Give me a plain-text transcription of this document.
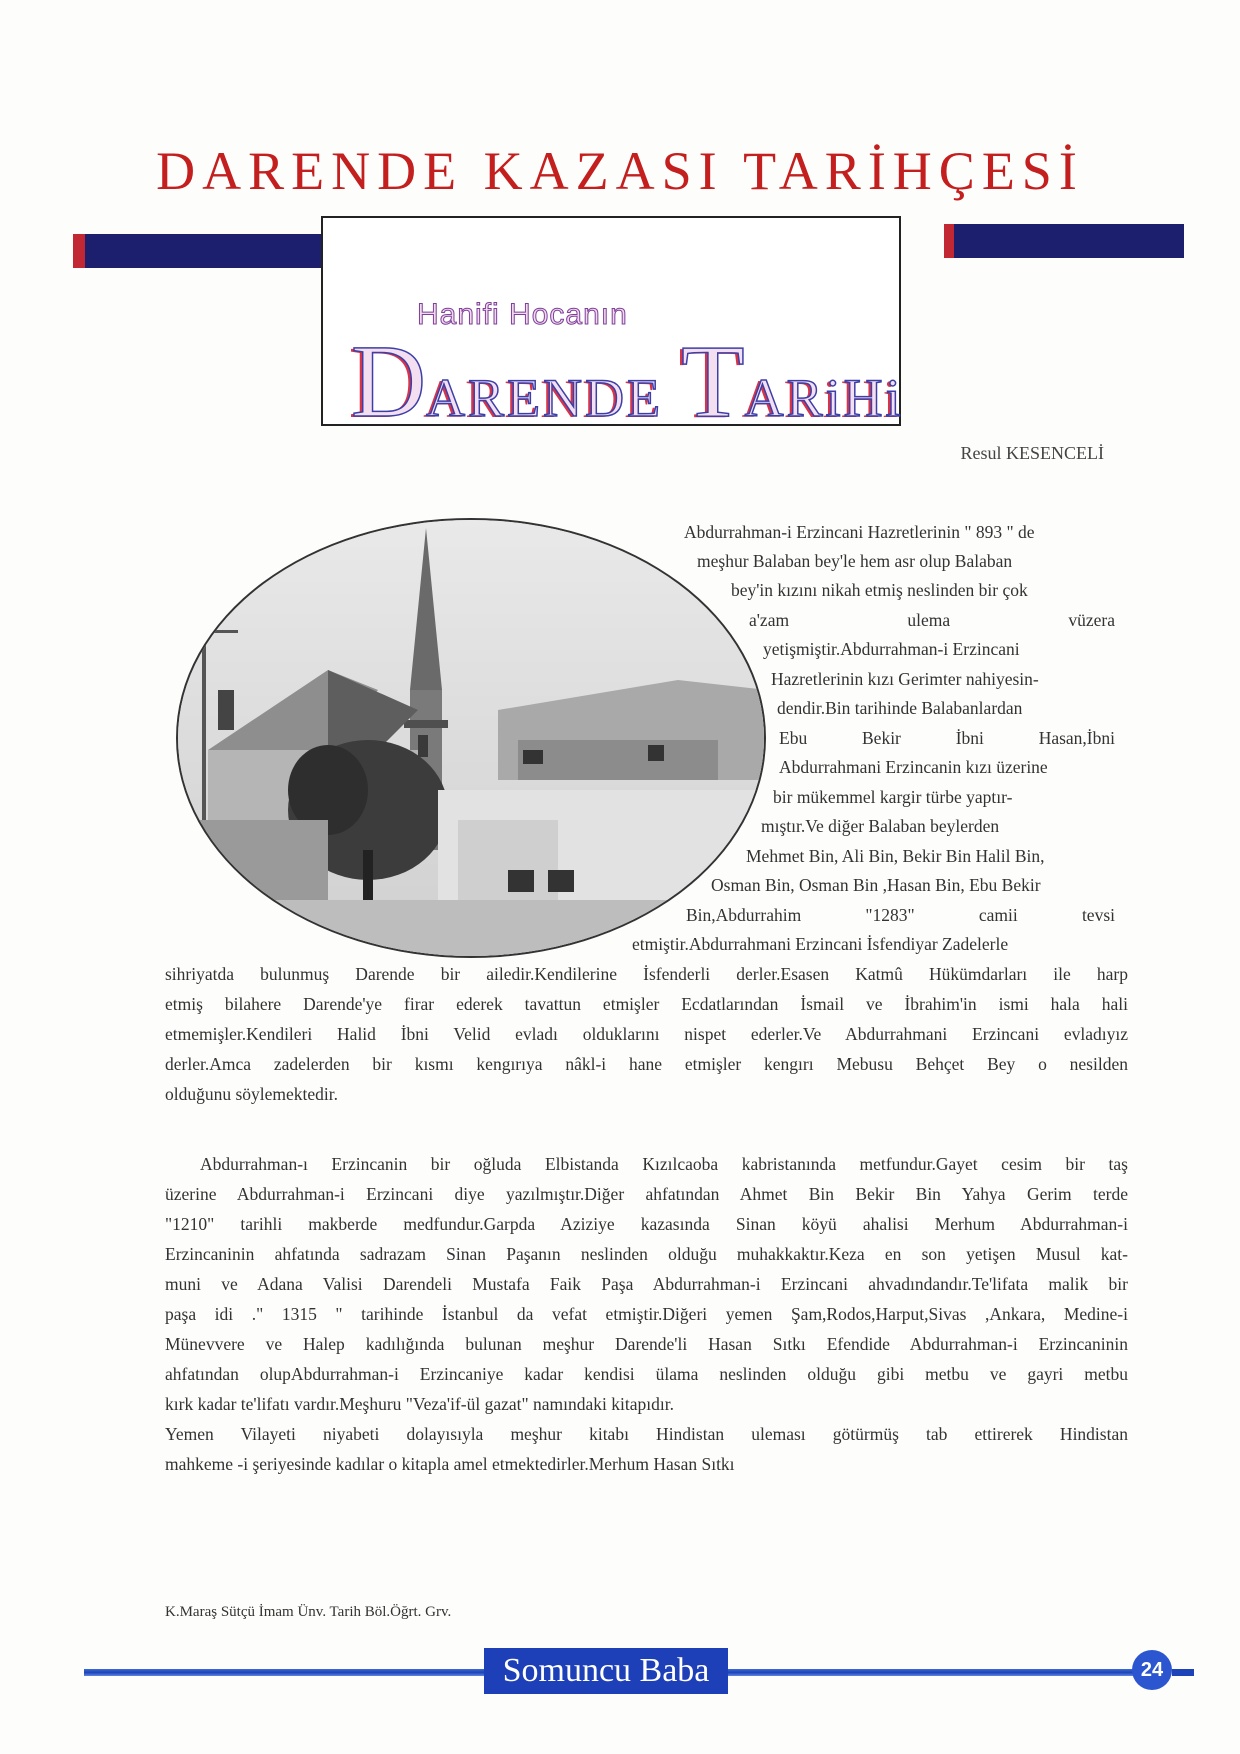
DARENDE KAZASI TARİHÇESİ
Hanifi Hocanın
DARENDE TARiHi
Resul KESENCELİ
Abdurrahman-i Erzincani Hazretlerinin " 893 " de
meşhur Balaban bey'le hem asr olup Balaban
bey'in kızını nikah etmiş neslinden bir çok
a'zam ulema vüzera
yetişmiştir.Abdurrahman-i Erzincani
Hazretlerinin kızı Gerimter nahiyesin-
dendir.Bin tarihinde Balabanlardan
Ebu Bekir İbni Hasan,İbni
Abdurrahmani Erzincanin kızı üzerine
bir mükemmel kargir türbe yaptır-
mıştır.Ve diğer Balaban beylerden
Mehmet Bin, Ali Bin, Bekir Bin Halil Bin,
Osman Bin, Osman Bin ,Hasan Bin, Ebu Bekir
Bin,Abdurrahim "1283" camii tevsi
etmiştir.Abdurrahmani Erzincani İsfendiyar Zadelerle
sihriyatda bulunmuş Darende bir ailedir.Kendilerine İsfenderli derler.Esasen Katmû Hükümdarları ile harp
etmiş bilahere Darende'ye firar ederek tavattun etmişler Ecdatlarından İsmail ve İbrahim'in ismi hala hali
etmemişler.Kendileri Halid İbni Velid evladı olduklarını nispet ederler.Ve Abdurrahmani Erzincani evladıyız
derler.Amca zadelerden bir kısmı kengırıya nâkl-i hane etmişler kengırı Mebusu Behçet Bey o nesilden
olduğunu söylemektedir.
Abdurrahman-ı Erzincanin bir oğluda Elbistanda Kızılcaoba kabristanında metfundur.Gayet cesim bir taş
üzerine Abdurrahman-i Erzincani diye yazılmıştır.Diğer ahfatından Ahmet Bin Bekir Bin Yahya Gerim terde
"1210" tarihli makberde medfundur.Garpda Aziziye kazasında Sinan köyü ahalisi Merhum Abdurrahman-i
Erzincaninin ahfatında sadrazam Sinan Paşanın neslinden olduğu muhakkaktır.Keza en son yetişen Musul kat-
muni ve Adana Valisi Darendeli Mustafa Faik Paşa Abdurrahman-i Erzincani ahvadındandır.Te'lifata malik bir
paşa idi ." 1315 " tarihinde İstanbul da vefat etmiştir.Diğeri yemen Şam,Rodos,Harput,Sivas ,Ankara, Medine-i
Münevvere ve Halep kadılığında bulunan meşhur Darende'li Hasan Sıtkı Efendide Abdurrahman-i Erzincaninin
ahfatından olupAbdurrahman-i Erzincaniye kadar kendisi ülama neslinden olduğu gibi metbu ve gayri metbu
kırk kadar te'lifatı vardır.Meşhuru "Veza'if-ül gazat" namındaki kitapıdır.
Yemen Vilayeti niyabeti dolayısıyla meşhur kitabı Hindistan uleması götürmüş tab ettirerek Hindistan
mahkeme -i şeriyesinde kadılar o kitapla amel etmektedirler.Merhum Hasan Sıtkı
K.Maraş Sütçü İmam Ünv. Tarih Böl.Öğrt. Grv.
Somuncu Baba	24
